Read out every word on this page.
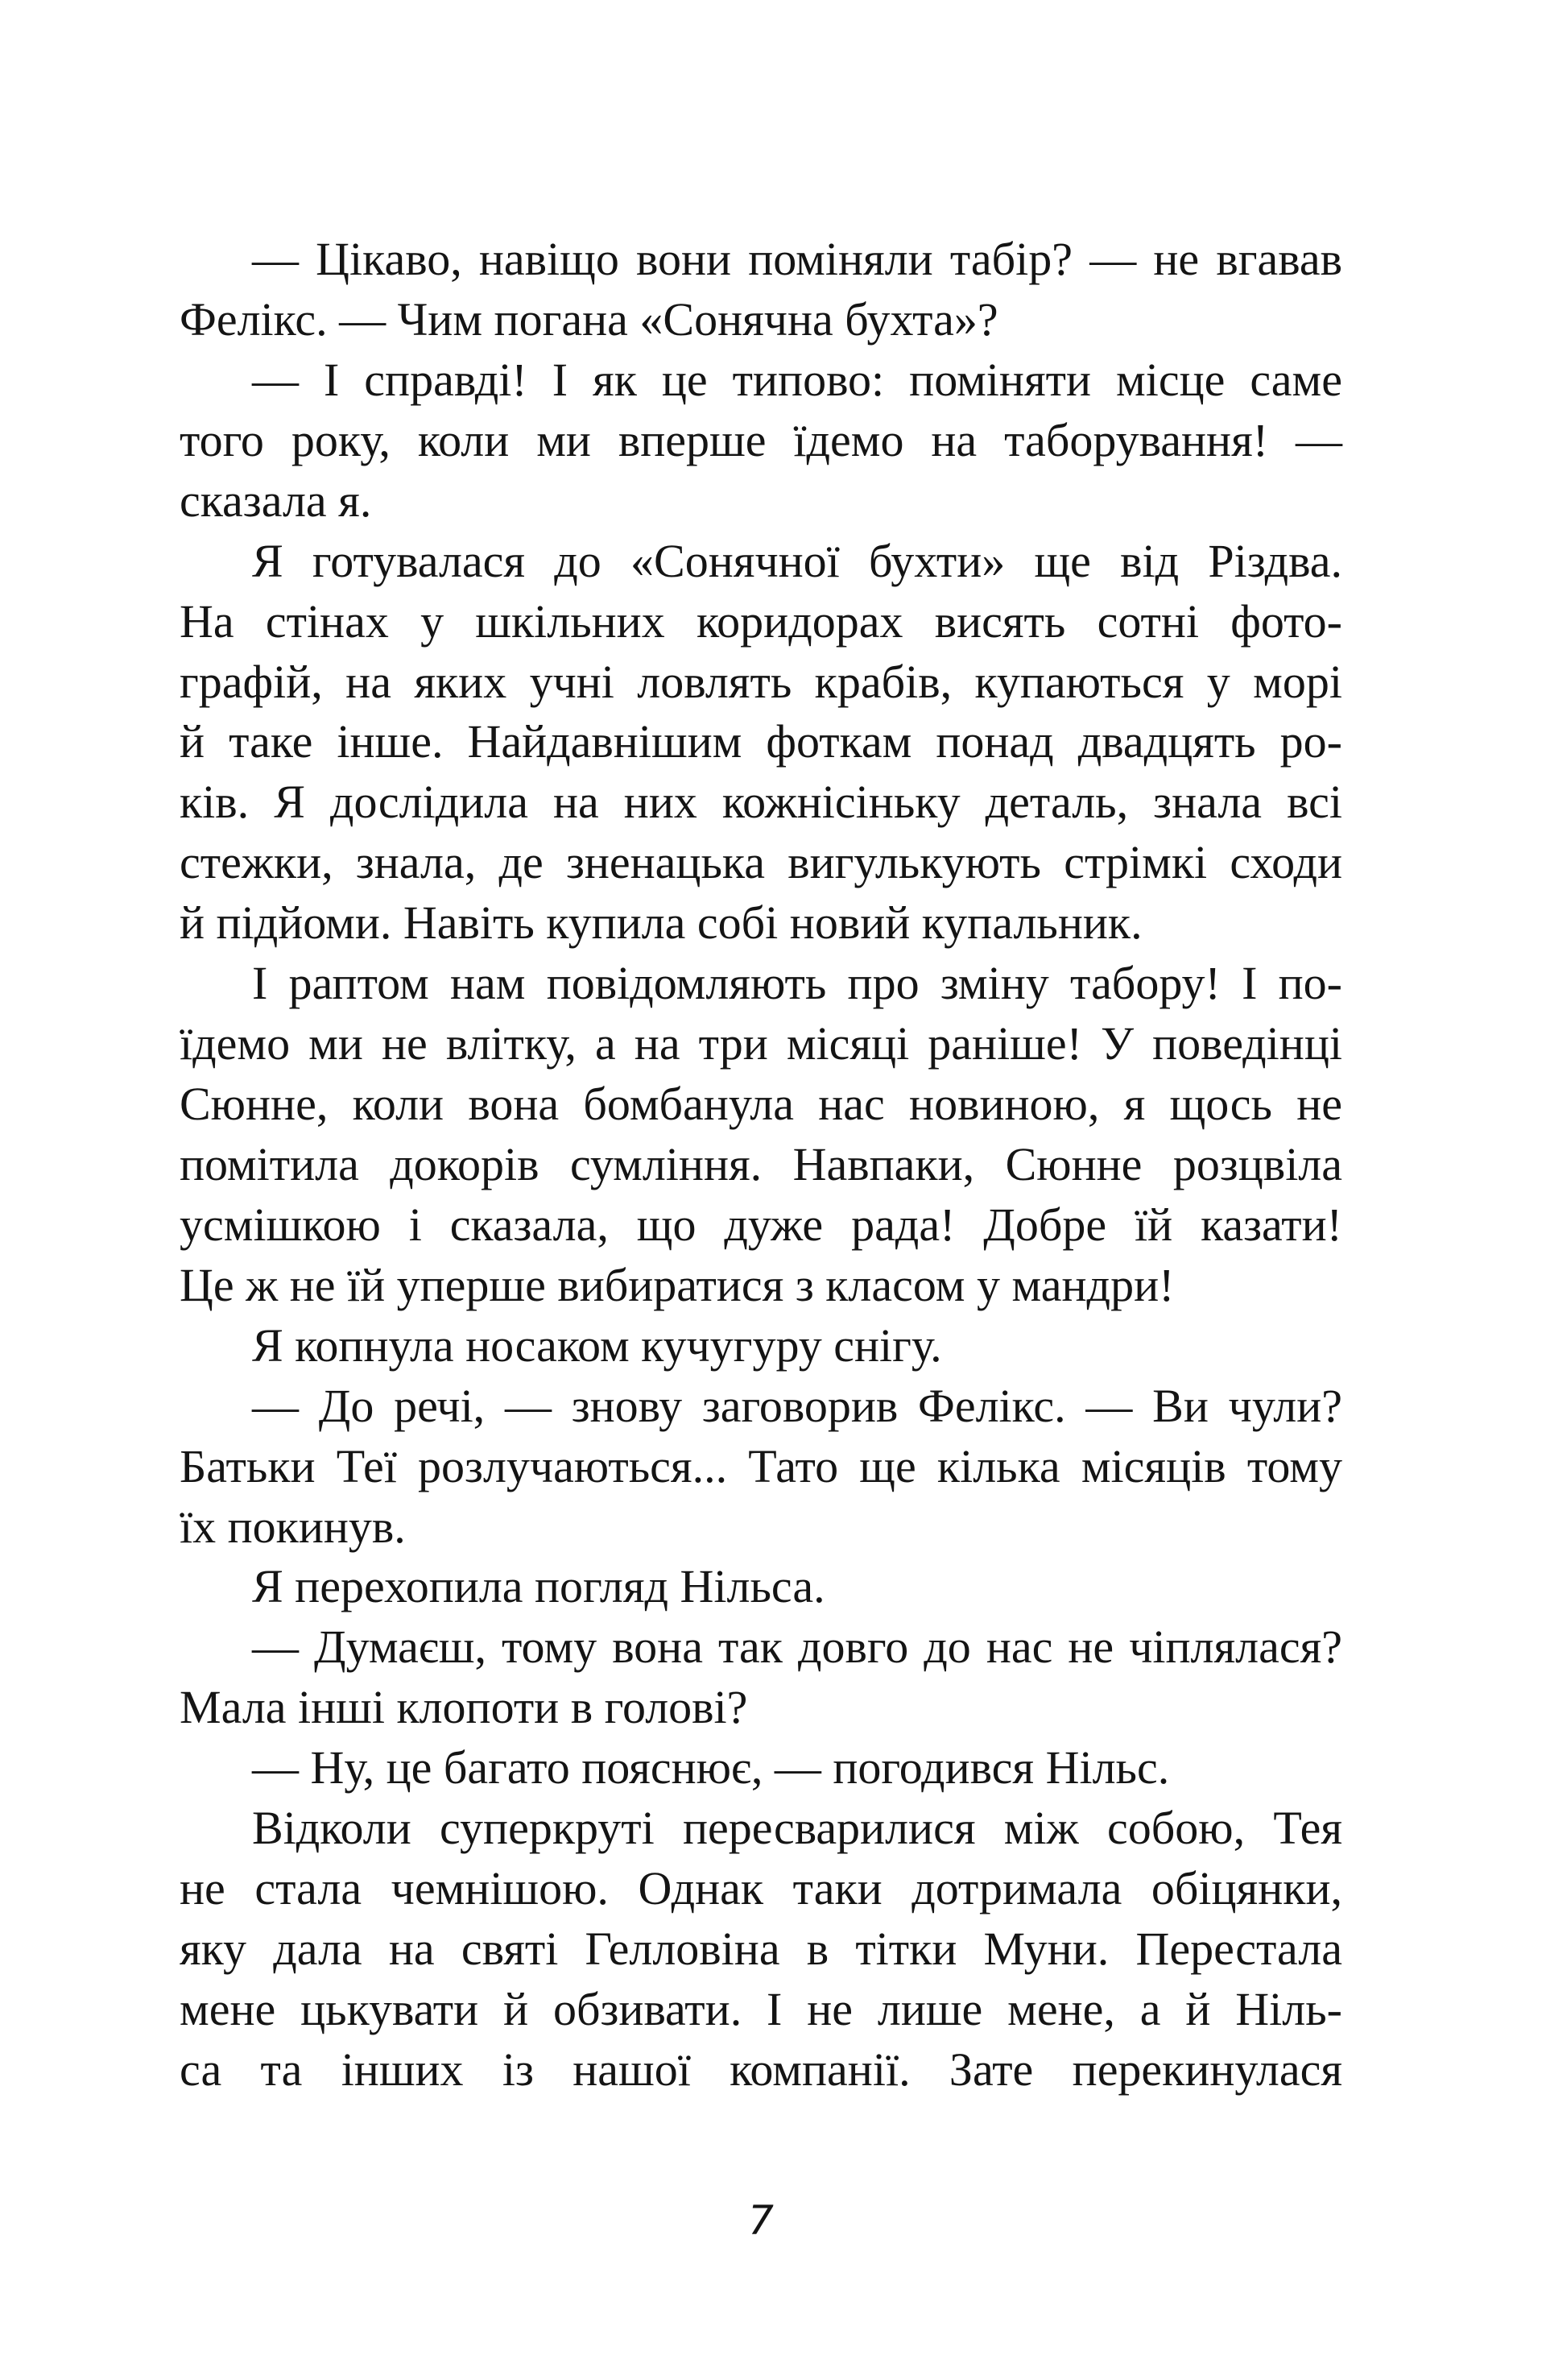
— Цікаво, навіщо вони поміняли табір? — не вгавав
Фелікс. — Чим погана «Сонячна бухта»?
— І справді! І як це типово: поміняти місце саме
того року, коли ми вперше їдемо на таборування! —
сказала я.
Я готувалася до «Сонячної бухти» ще від Різдва.
На стінах у шкільних коридорах висять сотні фото-
графій, на яких учні ловлять крабів, купаються у морі
й таке інше. Найдавнішим фоткам понад двадцять ро-
ків. Я дослідила на них кожнісіньку деталь, знала всі
стежки, знала, де зненацька вигулькують стрімкі сходи
й підйоми. Навіть купила собі новий купальник.
І раптом нам повідомляють про зміну табору! І по-
їдемо ми не влітку, а на три місяці раніше! У поведінці
Сюнне, коли вона бомбанула нас новиною, я щось не
помітила докорів сумління. Навпаки, Сюнне розцвіла
усмішкою і сказала, що дуже рада! Добре їй казати!
Це ж не їй уперше вибиратися з класом у мандри!
Я копнула носаком кучугуру снігу.
— До речі, — знову заговорив Фелікс. — Ви чули?
Батьки Теї розлучаються... Тато ще кілька місяців тому
їх покинув.
Я перехопила погляд Нільса.
— Думаєш, тому вона так довго до нас не чіплялася?
Мала інші клопоти в голові?
— Ну, це багато пояснює, — погодився Нільс.
Відколи суперкруті пересварилися між собою, Тея
не стала чемнішою. Однак таки дотримала обіцянки,
яку дала на святі Гелловіна в тітки Муни. Перестала
мене цькувати й обзивати. І не лише мене, а й Ніль-
са та інших із нашої компанії. Зате перекинулася
7
